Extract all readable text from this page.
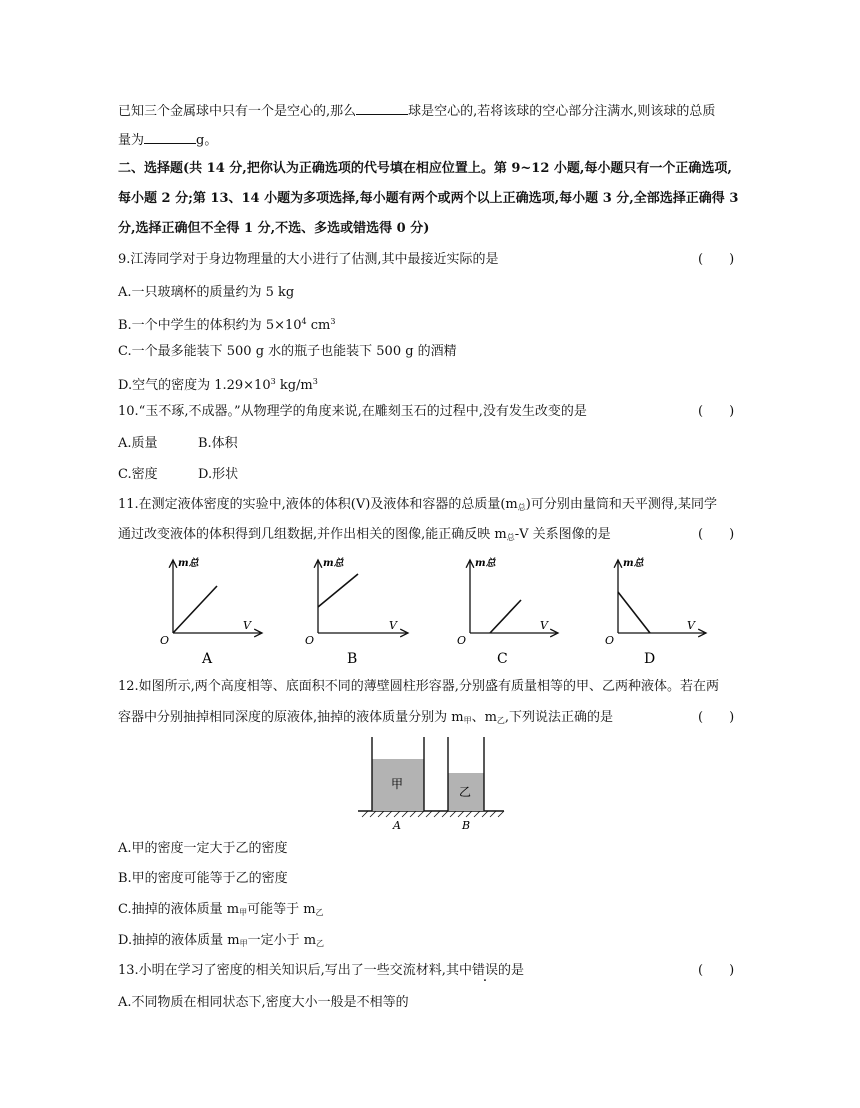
已知三个金属球中只有一个是空心的,那么	球是空心的,若将该球的空心部分注满水,则该球的总质
量为	g。
二、选择题(共 14 分,把你认为正确选项的代号填在相应位置上。第 9~12 小题,每小题只有一个正确选项,
每小题 2 分;第 13、14 小题为多项选择,每小题有两个或两个以上正确选项,每小题 3 分,全部选择正确得 3
分,选择正确但不全得 1 分,不选、多选或错选得 0 分)
9.江涛同学对于身边物理量的大小进行了估测,其中最接近实际的是	(　　)
A.一只玻璃杯的质量约为 5 kg
B.一个中学生的体积约为 $5\times 10^4$ $cm^3$
C.一个最多能装下 500 g 水的瓶子也能装下 500 g 的酒精
D.空气的密度为 $1.29\times 10^3$ $kg/m^3$
10.“玉不琢,不成器。”从物理学的角度来说,在雕刻玉石的过程中,没有发生改变的是	(　　)
A.质量	B.体积
C.密度	D.形状
11.在测定液体密度的实验中,液体的体积(V)及液体和容器的总质量$(m_总)$可分别由量筒和天平测得,某同学
通过改变液体的体积得到几组数据,并作出相关的图像,能正确反映 $m_总-V$ 关系图像的是	(　　)
m总
V
O
A
m总
V
O
B
m总
V
O
C
m总
V
O
D
12.如图所示,两个高度相等、底面积不同的薄壁圆柱形容器,分别盛有质量相等的甲、乙两种液体。若在两
容器中分别抽掉相同深度的原液体,抽掉的液体质量分别为 $m_甲$、$m_乙$,下列说法正确的是	(　　)
甲
A
乙
B
A.甲的密度一定大于乙的密度
B.甲的密度可能等于乙的密度
C.抽掉的液体质量 $m_甲$可能等于 $m_乙$
D.抽掉的液体质量 $m_甲$一定小于 $m_乙$
13.小明在学习了密度的相关知识后,写出了一些交流材料,其中错误的是	(　　)
A.不同物质在相同状态下,密度大小一般是不相等的
